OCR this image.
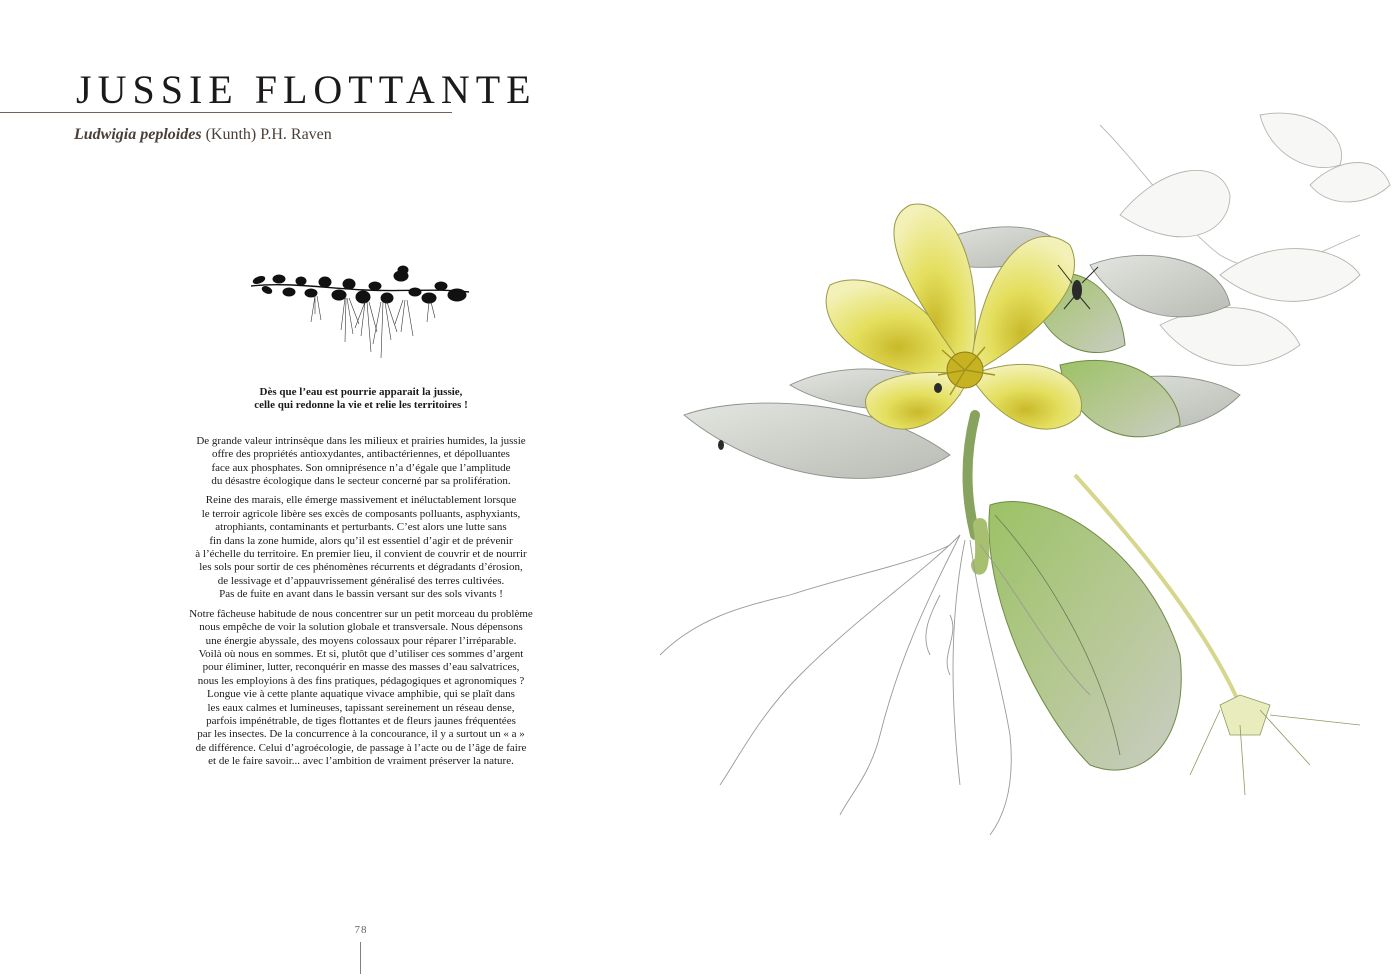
JUSSIE FLOTTANTE

Ludwigia peploides (Kunth) P.H. Raven

Dès que l’eau est pourrie apparait la jussie,
celle qui redonne la vie et relie les territoires !

De grande valeur intrinsèque dans les milieux et prairies humides, la jussie
offre des propriétés antioxydantes, antibactériennes, et dépolluantes
face aux phosphates. Son omniprésence n’a d’égale que l’amplitude
du désastre écologique dans le secteur concerné par sa prolifération.

Reine des marais, elle émerge massivement et inéluctablement lorsque
le terroir agricole libère ses excès de composants polluants, asphyxiants,
atrophiants, contaminants et perturbants. C’est alors une lutte sans
fin dans la zone humide, alors qu’il est essentiel d’agir et de prévenir
à l’échelle du territoire. En premier lieu, il convient de couvrir et de nourrir
les sols pour sortir de ces phénomènes récurrents et dégradants d’érosion,
de lessivage et d’appauvrissement généralisé des terres cultivées.
Pas de fuite en avant dans le bassin versant sur des sols vivants !

Notre fâcheuse habitude de nous concentrer sur un petit morceau du problème
nous empêche de voir la solution globale et transversale. Nous dépensons
une énergie abyssale, des moyens colossaux pour réparer l’irréparable.
Voilà où nous en sommes. Et si, plutôt que d’utiliser ces sommes d’argent
pour éliminer, lutter, reconquérir en masse des masses d’eau salvatrices,
nous les employions à des fins pratiques, pédagogiques et agronomiques ?
Longue vie à cette plante aquatique vivace amphibie, qui se plaît dans
les eaux calmes et lumineuses, tapissant sereinement un réseau dense,
parfois impénétrable, de tiges flottantes et de fleurs jaunes fréquentées
par les insectes. De la concurrence à la concourance, il y a surtout un « a »
de différence. Celui d’agroécologie, de passage à l’acte ou de l’âge de faire
et de le faire savoir... avec l’ambition de vraiment préserver la nature.

78
